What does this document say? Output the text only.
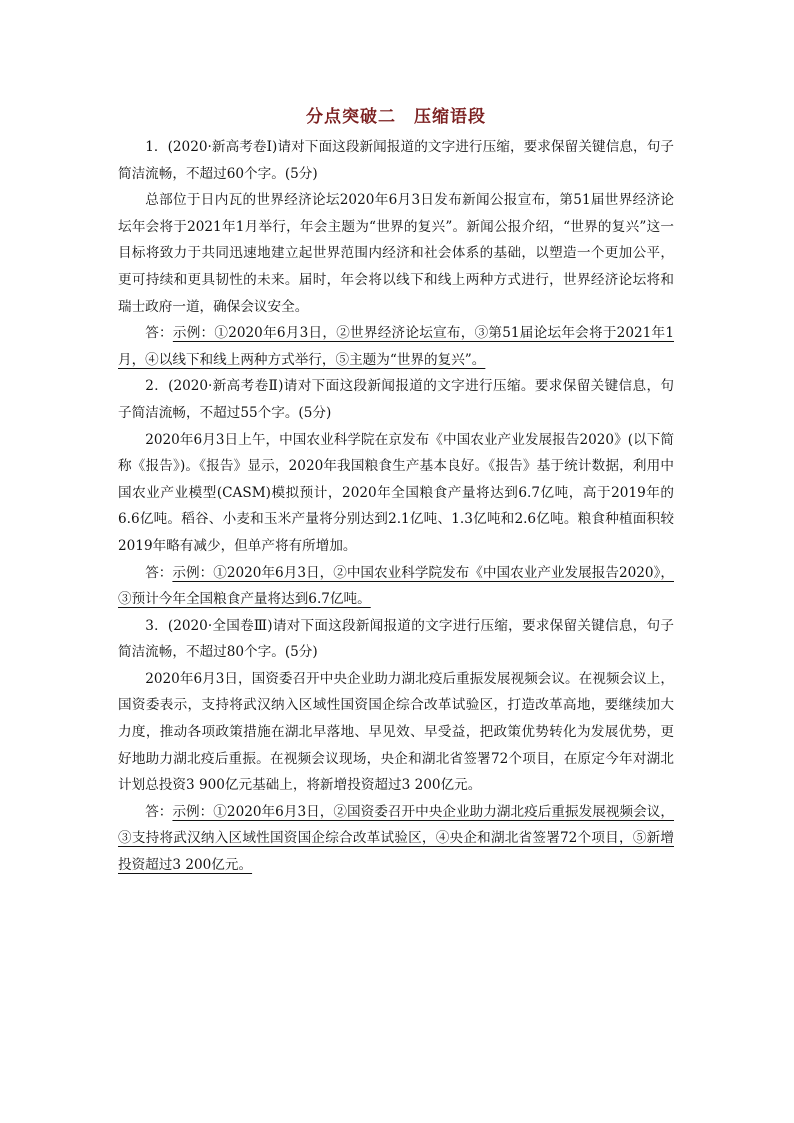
分点突破二 压缩语段

1．(2020·新高考卷Ⅰ)请对下面这段新闻报道的文字进行压缩，要求保留关键信息，句子简洁流畅，不超过60个字。(5分)

总部位于日内瓦的世界经济论坛2020年6月3日发布新闻公报宣布，第51届世界经济论坛年会将于2021年1月举行，年会主题为“世界的复兴”。新闻公报介绍，“世界的复兴”这一目标将致力于共同迅速地建立起世界范围内经济和社会体系的基础，以塑造一个更加公平，更可持续和更具韧性的未来。届时，年会将以线下和线上两种方式进行，世界经济论坛将和瑞士政府一道，确保会议安全。

答：示例：①2020年6月3日，②世界经济论坛宣布，③第51届论坛年会将于2021年1月，④以线下和线上两种方式举行，⑤主题为“世界的复兴”。

2．(2020·新高考卷Ⅱ)请对下面这段新闻报道的文字进行压缩。要求保留关键信息，句子简洁流畅，不超过55个字。(5分)

2020年6月3日上午，中国农业科学院在京发布《中国农业产业发展报告2020》(以下简称《报告》)。《报告》显示，2020年我国粮食生产基本良好。《报告》基于统计数据，利用中国农业产业模型(CASM)模拟预计，2020年全国粮食产量将达到6.7亿吨，高于2019年的6.6亿吨。稻谷、小麦和玉米产量将分别达到2.1亿吨、1.3亿吨和2.6亿吨。粮食种植面积较2019年略有减少，但单产将有所增加。

答：示例：①2020年6月3日，②中国农业科学院发布《中国农业产业发展报告2020》，③预计今年全国粮食产量将达到6.7亿吨。

3．(2020·全国卷Ⅲ)请对下面这段新闻报道的文字进行压缩，要求保留关键信息，句子简洁流畅，不超过80个字。(5分)

2020年6月3日，国资委召开中央企业助力湖北疫后重振发展视频会议。在视频会议上，国资委表示，支持将武汉纳入区域性国资国企综合改革试验区，打造改革高地，要继续加大力度，推动各项政策措施在湖北早落地、早见效、早受益，把政策优势转化为发展优势，更好地助力湖北疫后重振。在视频会议现场，央企和湖北省签署72个项目，在原定今年对湖北计划总投资3 900亿元基础上，将新增投资超过3 200亿元。

答：示例：①2020年6月3日，②国资委召开中央企业助力湖北疫后重振发展视频会议，③支持将武汉纳入区域性国资国企综合改革试验区，④央企和湖北省签署72个项目，⑤新增投资超过3 200亿元。
